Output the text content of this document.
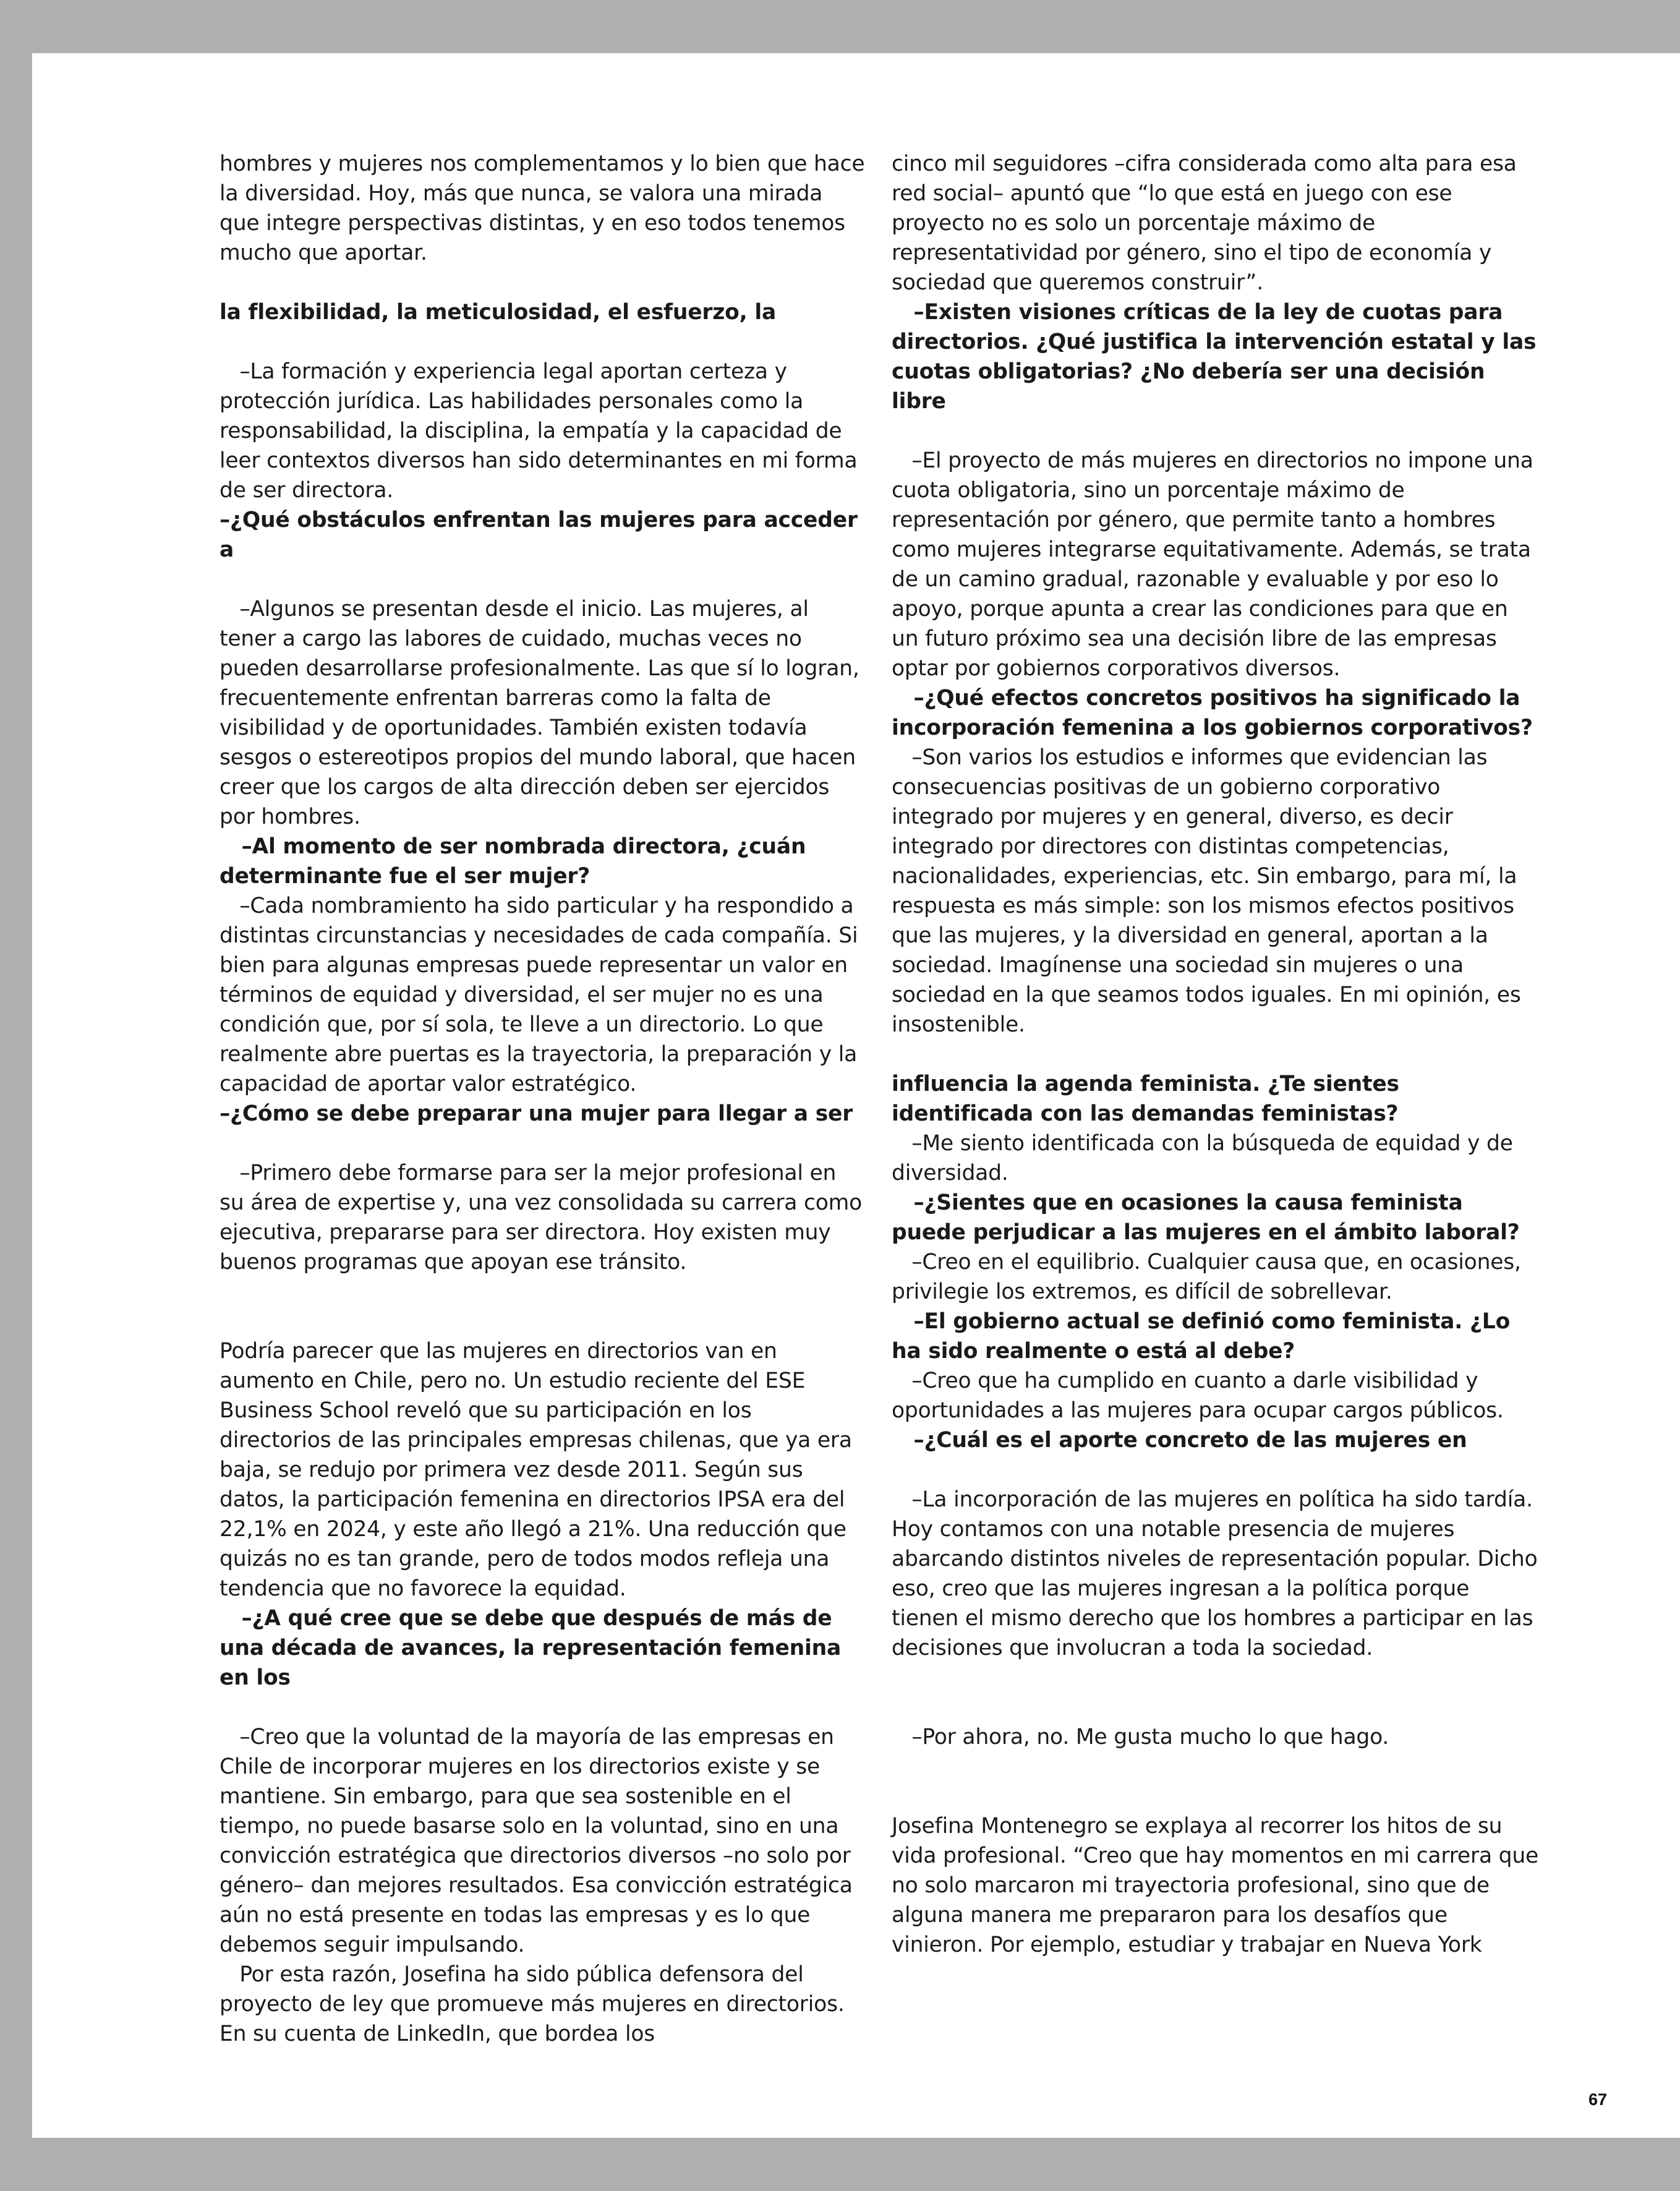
hombres y mujeres nos complementamos y lo bien que hace la diversidad. Hoy, más que nunca, se valora una mirada que integre perspectivas distintas, y en eso todos tenemos mucho que aportar.

la flexibilidad, la meticulosidad, el esfuerzo, la

–La formación y experiencia legal aportan certeza y protección jurídica. Las habilidades personales como la responsabilidad, la disciplina, la empatía y la capacidad de leer contextos diversos han sido determinantes en mi forma de ser directora.

–¿Qué obstáculos enfrentan las mujeres para acceder a

–Algunos se presentan desde el inicio. Las mujeres, al tener a cargo las labores de cuidado, muchas veces no pueden desarrollarse profesionalmente. Las que sí lo logran, frecuentemente enfrentan barreras como la falta de visibilidad y de oportunidades. También existen todavía sesgos o estereotipos propios del mundo laboral, que hacen creer que los cargos de alta dirección deben ser ejercidos por hombres.

–Al momento de ser nombrada directora, ¿cuán determinante fue el ser mujer?

–Cada nombramiento ha sido particular y ha respondido a distintas circunstancias y necesidades de cada compañía. Si bien para algunas empresas puede representar un valor en términos de equidad y diversidad, el ser mujer no es una condición que, por sí sola, te lleve a un directorio. Lo que realmente abre puertas es la trayectoria, la preparación y la capacidad de aportar valor estratégico.

–¿Cómo se debe preparar una mujer para llegar a ser

–Primero debe formarse para ser la mejor profesional en su área de expertise y, una vez consolidada su carrera como ejecutiva, prepararse para ser directora. Hoy existen muy buenos programas que apoyan ese tránsito.

Podría parecer que las mujeres en directorios van en aumento en Chile, pero no. Un estudio reciente del ESE Business School reveló que su participación en los directorios de las principales empresas chilenas, que ya era baja, se redujo por primera vez desde 2011. Según sus datos, la participación femenina en directorios IPSA era del 22,1% en 2024, y este año llegó a 21%. Una reducción que quizás no es tan grande, pero de todos modos refleja una tendencia que no favorece la equidad.

–¿A qué cree que se debe que después de más de una década de avances, la representación femenina en los

–Creo que la voluntad de la mayoría de las empresas en Chile de incorporar mujeres en los directorios existe y se mantiene. Sin embargo, para que sea sostenible en el tiempo, no puede basarse solo en la voluntad, sino en una convicción estratégica que directorios diversos –no solo por género– dan mejores resultados. Esa convicción estratégica aún no está presente en todas las empresas y es lo que debemos seguir impulsando.

Por esta razón, Josefina ha sido pública defensora del proyecto de ley que promueve más mujeres en directorios. En su cuenta de LinkedIn, que bordea los

cinco mil seguidores –cifra considerada como alta para esa red social– apuntó que “lo que está en juego con ese proyecto no es solo un porcentaje máximo de representatividad por género, sino el tipo de economía y sociedad que queremos construir”.

–Existen visiones críticas de la ley de cuotas para directorios. ¿Qué justifica la intervención estatal y las cuotas obligatorias? ¿No debería ser una decisión libre

–El proyecto de más mujeres en directorios no impone una cuota obligatoria, sino un porcentaje máximo de representación por género, que permite tanto a hombres como mujeres integrarse equitativamente. Además, se trata de un camino gradual, razonable y evaluable y por eso lo apoyo, porque apunta a crear las condiciones para que en un futuro próximo sea una decisión libre de las empresas optar por gobiernos corporativos diversos.

–¿Qué efectos concretos positivos ha significado la incorporación femenina a los gobiernos corporativos?

–Son varios los estudios e informes que evidencian las consecuencias positivas de un gobierno corporativo integrado por mujeres y en general, diverso, es decir integrado por directores con distintas competencias, nacionalidades, experiencias, etc. Sin embargo, para mí, la respuesta es más simple: son los mismos efectos positivos que las mujeres, y la diversidad en general, aportan a la sociedad. Imagínense una sociedad sin mujeres o una sociedad en la que seamos todos iguales. En mi opinión, es insostenible.

influencia la agenda feminista. ¿Te sientes identificada con las demandas feministas?

–Me siento identificada con la búsqueda de equidad y de diversidad.

–¿Sientes que en ocasiones la causa feminista puede perjudicar a las mujeres en el ámbito laboral?

–Creo en el equilibrio. Cualquier causa que, en ocasiones, privilegie los extremos, es difícil de sobrellevar.

–El gobierno actual se definió como feminista. ¿Lo ha sido realmente o está al debe?

–Creo que ha cumplido en cuanto a darle visibilidad y oportunidades a las mujeres para ocupar cargos públicos.

–¿Cuál es el aporte concreto de las mujeres en

–La incorporación de las mujeres en política ha sido tardía. Hoy contamos con una notable presencia de mujeres abarcando distintos niveles de representación popular. Dicho eso, creo que las mujeres ingresan a la política porque tienen el mismo derecho que los hombres a participar en las decisiones que involucran a toda la sociedad.

–Por ahora, no. Me gusta mucho lo que hago.

Josefina Montenegro se explaya al recorrer los hitos de su vida profesional. “Creo que hay momentos en mi carrera que no solo marcaron mi trayectoria profesional, sino que de alguna manera me prepararon para los desafíos que vinieron. Por ejemplo, estudiar y trabajar en Nueva York

67
